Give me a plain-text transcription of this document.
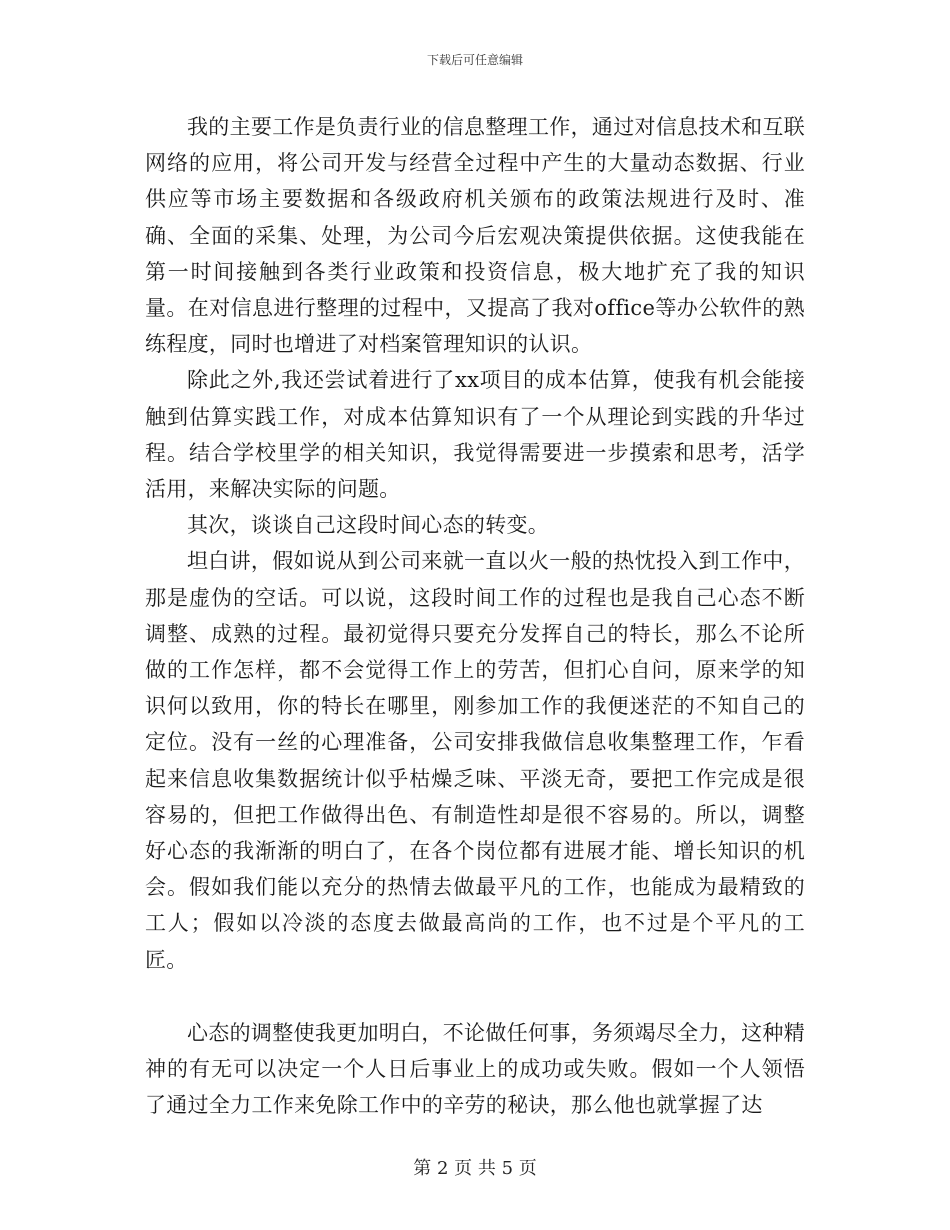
下载后可任意编辑

我的主要工作是负责行业的信息整理工作，通过对信息技术和互联网络的应用，将公司开发与经营全过程中产生的大量动态数据、行业供应等市场主要数据和各级政府机关颁布的政策法规进行及时、准确、全面的采集、处理，为公司今后宏观决策提供依据。这使我能在第一时间接触到各类行业政策和投资信息，极大地扩充了我的知识量。在对信息进行整理的过程中，又提高了我对office等办公软件的熟练程度，同时也增进了对档案管理知识的认识。

除此之外,我还尝试着进行了xx项目的成本估算，使我有机会能接触到估算实践工作，对成本估算知识有了一个从理论到实践的升华过程。结合学校里学的相关知识，我觉得需要进一步摸索和思考，活学活用，来解决实际的问题。

其次，谈谈自己这段时间心态的转变。

坦白讲，假如说从到公司来就一直以火一般的热忱投入到工作中，那是虚伪的空话。可以说，这段时间工作的过程也是我自己心态不断调整、成熟的过程。最初觉得只要充分发挥自己的特长，那么不论所做的工作怎样，都不会觉得工作上的劳苦，但扪心自问，原来学的知识何以致用，你的特长在哪里，刚参加工作的我便迷茫的不知自己的定位。没有一丝的心理准备，公司安排我做信息收集整理工作，乍看起来信息收集数据统计似乎枯燥乏味、平淡无奇，要把工作完成是很容易的，但把工作做得出色、有制造性却是很不容易的。所以，调整好心态的我渐渐的明白了，在各个岗位都有进展才能、增长知识的机会。假如我们能以充分的热情去做最平凡的工作，也能成为最精致的工人；假如以冷淡的态度去做最高尚的工作，也不过是个平凡的工匠。

心态的调整使我更加明白，不论做任何事，务须竭尽全力，这种精神的有无可以决定一个人日后事业上的成功或失败。假如一个人领悟了通过全力工作来免除工作中的辛劳的秘诀，那么他也就掌握了达

第 2 页 共 5 页
